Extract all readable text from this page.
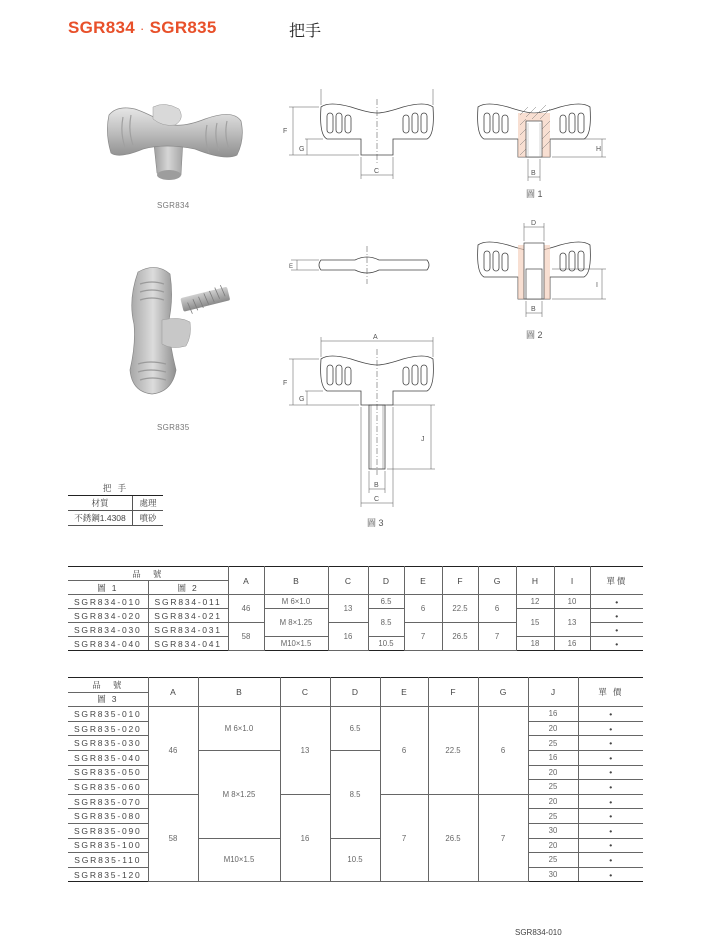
SGR834 · SGR835	把手
SGR834
SGR835
F
G
C
H
B
圖 1
E
D
B
I
圖 2
A
F
G
J
B
C
圖 3
把 手	
材質	處理
不銹鋼1.4308	噴砂
品　號		A	B	C	D	E	F	G	H	I	單價
圖 1	圖 2										
SGR834-010	SGR834-011	46	M 6×1.0	13	6.5	6	22.5	6	12	10	•
SGR834-020	SGR834-021		M 8×1.25		8.5				15	13	•
SGR834-030	SGR834-031	58		16		7	26.5	7			•
SGR834-040	SGR834-041		M10×1.5		10.5				18	16	•
品　號	A	B	C	D	E	F	G	J	單 價
圖 3									
SGR835-010	46	M 6×1.0	13	6.5	6	22.5	6	16	•
SGR835-020								20	•
SGR835-030								25	•
SGR835-040		M 8×1.25		8.5				16	•
SGR835-050								20	•
SGR835-060								25	•
SGR835-070	58		16		7	26.5	7	20	•
SGR835-080								25	•
SGR835-090								30	•
SGR835-100		M10×1.5		10.5				20	•
SGR835-110								25	•
SGR835-120								30	•
SGR834-010
